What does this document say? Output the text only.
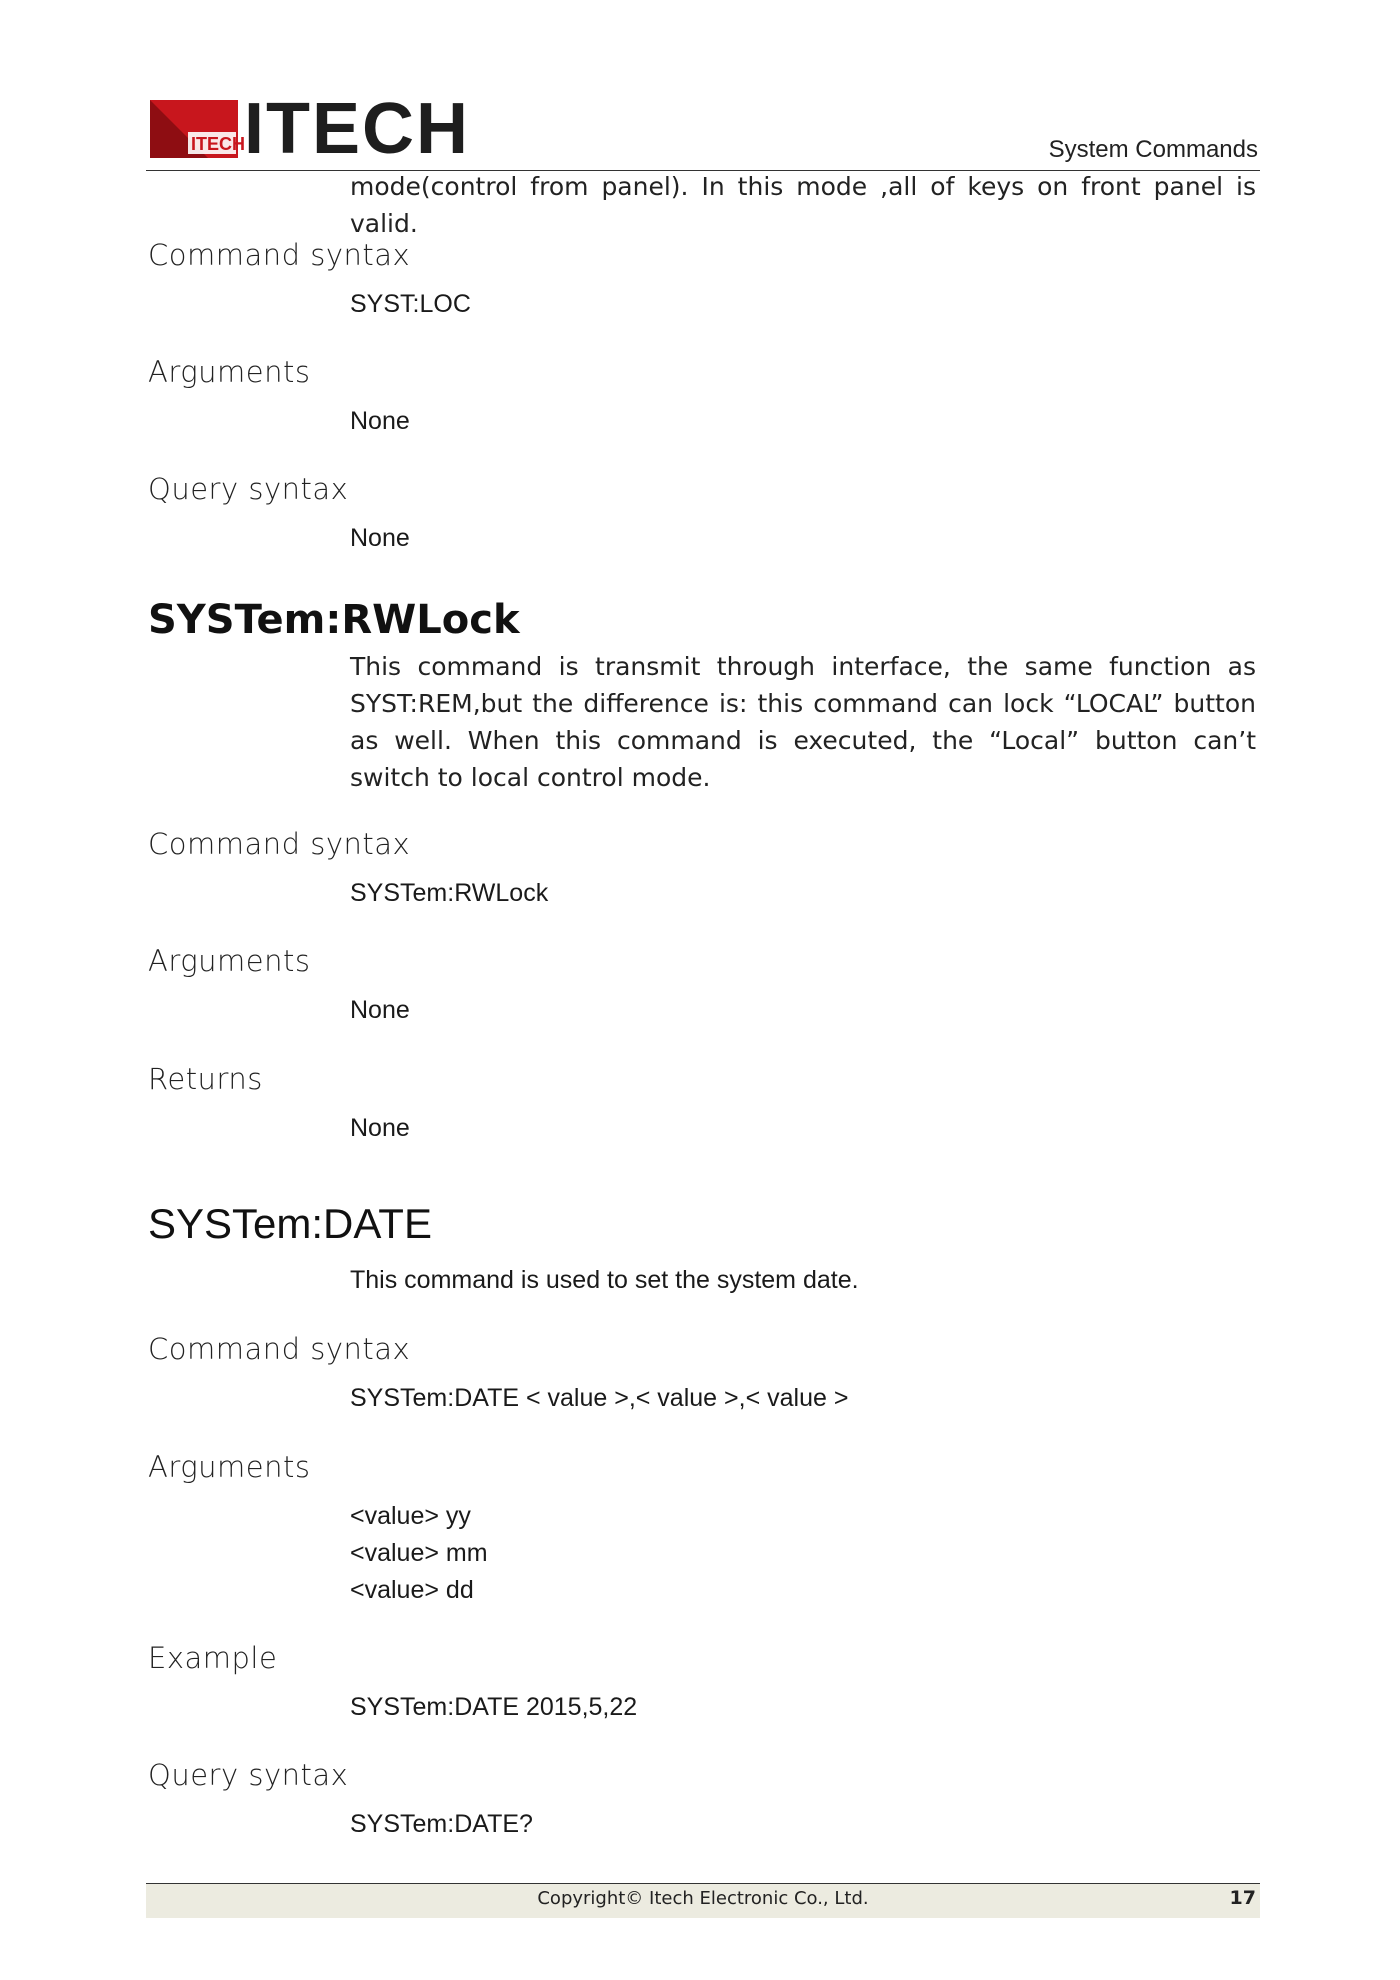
ITECH ITECH	System Commands
mode(control from panel). In this mode ,all of keys on front panel is valid.
Command syntax
SYST:LOC
Arguments
None
Query syntax
None
SYSTem:RWLock
This command is transmit through interface, the same function as SYST:REM,but the difference is: this command can lock “LOCAL” button as well. When this command is executed, the “Local” button can’t switch to local control mode.
Command syntax
SYSTem:RWLock
Arguments
None
Returns
None
SYSTem:DATE
This command is used to set the system date.
Command syntax
SYSTem:DATE < value >,< value >,< value >
Arguments
<value> yy
<value> mm
<value> dd
Example
SYSTem:DATE 2015,5,22
Query syntax
SYSTem:DATE?
Copyright© Itech Electronic Co., Ltd.	17
